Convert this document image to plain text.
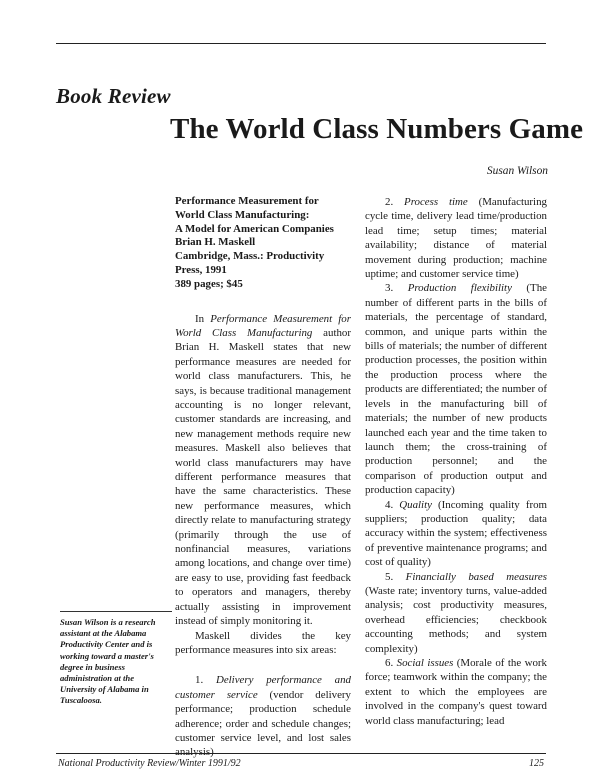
Book Review
The World Class Numbers Game
Susan Wilson
Performance Measurement for
World Class Manufacturing:
A Model for American Companies
Brian H. Maskell
Cambridge, Mass.: Productivity
Press, 1991
389 pages; $45

In Performance Measurement for World Class Manufacturing author Brian H. Maskell states that new performance measures are needed for world class manufacturers. This, he says, is because traditional management accounting is no longer relevant, customer standards are increasing, and new management methods require new measures. Maskell also believes that world class manufacturers may have different performance measures that have the same characteristics. These new performance measures, which directly relate to manufacturing strategy (primarily through the use of nonfinancial measures, variations among locations, and change over time) are easy to use, providing fast feedback to operators and managers, thereby actually assisting in improvement instead of simply monitoring it.

Maskell divides the key performance measures into six areas:

1. Delivery performance and customer service (vendor delivery performance; production schedule adherence; order and schedule changes; customer service level, and lost sales analysis)

2. Process time (Manufacturing cycle time, delivery lead time/production lead time; setup times; material availability; distance of material movement during production; machine uptime; and customer service time)

3. Production flexibility (The number of different parts in the bills of materials, the percentage of standard, common, and unique parts within the bills of materials; the number of different production processes, the position within the production process where the products are differentiated; the number of levels in the manufacturing bill of materials; the number of new products launched each year and the time taken to launch them; the cross-training of production personnel; and the comparison of production output and production capacity)

4. Quality (Incoming quality from suppliers; production quality; data accuracy within the system; effectiveness of preventive maintenance programs; and cost of quality)

5. Financially based measures (Waste rate; inventory turns, value-added analysis; cost productivity measures, overhead efficiencies; checkbook accounting methods; and system complexity)

6. Social issues (Morale of the work force; teamwork within the company; the extent to which the employees are involved in the company's quest toward world class manufacturing; lead

Susan Wilson is a research assistant at the Alabama Productivity Center and is working toward a master's degree in business administration at the University of Alabama in Tuscaloosa.
National Productivity Review/Winter 1991/92	125
